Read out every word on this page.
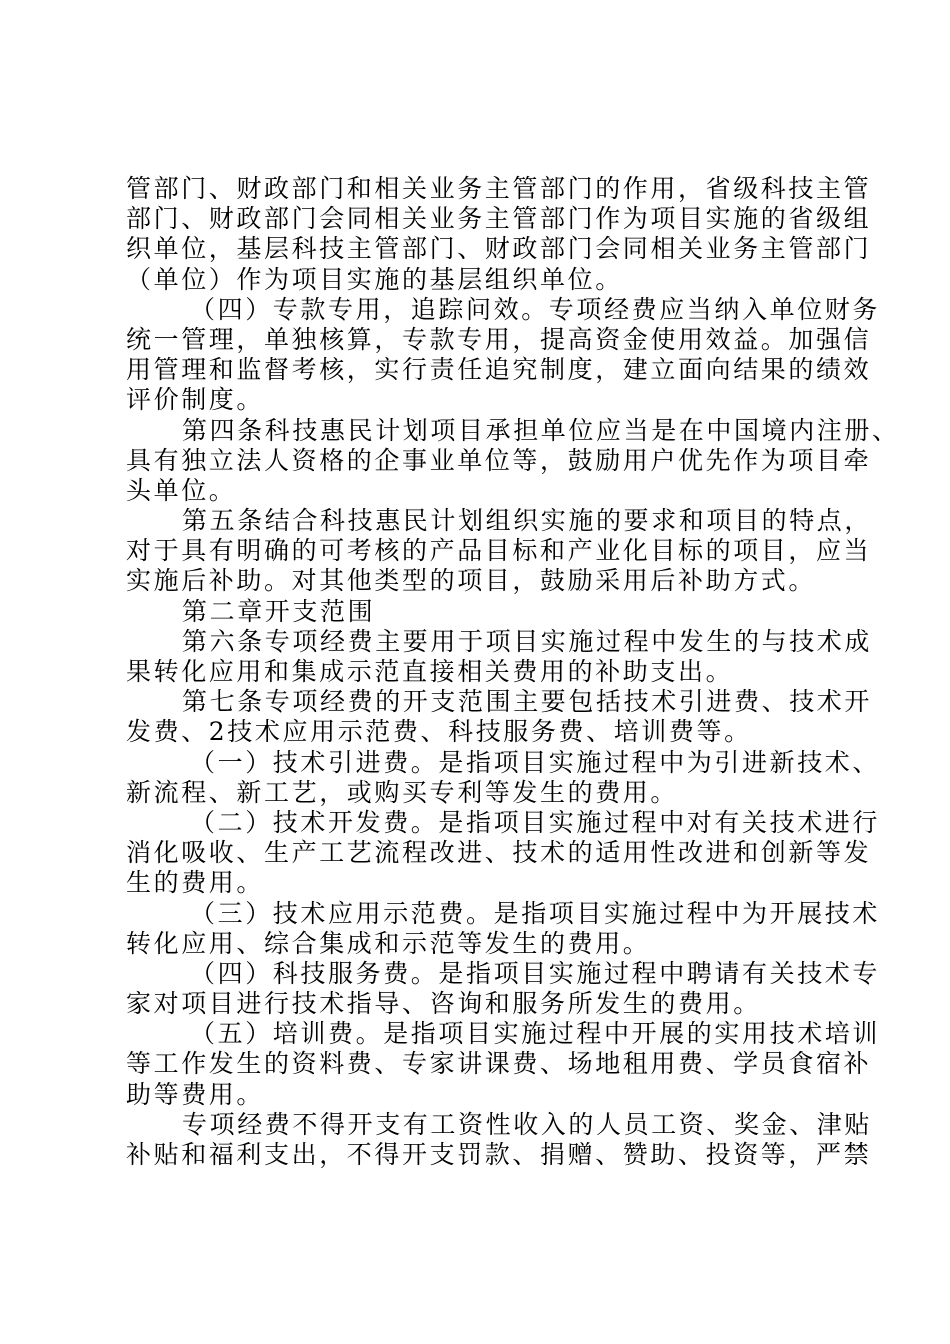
管部门、财政部门和相关业务主管部门的作用，省级科技主管
部门、财政部门会同相关业务主管部门作为项目实施的省级组
织单位，基层科技主管部门、财政部门会同相关业务主管部门
（单位）作为项目实施的基层组织单位。
（四）专款专用，追踪问效。专项经费应当纳入单位财务
统一管理，单独核算，专款专用，提高资金使用效益。加强信
用管理和监督考核，实行责任追究制度，建立面向结果的绩效
评价制度。
第四条科技惠民计划项目承担单位应当是在中国境内注册、
具有独立法人资格的企事业单位等，鼓励用户优先作为项目牵
头单位。
第五条结合科技惠民计划组织实施的要求和项目的特点，
对于具有明确的可考核的产品目标和产业化目标的项目，应当
实施后补助。对其他类型的项目，鼓励采用后补助方式。
第二章开支范围
第六条专项经费主要用于项目实施过程中发生的与技术成
果转化应用和集成示范直接相关费用的补助支出。
第七条专项经费的开支范围主要包括技术引进费、技术开
发费、2技术应用示范费、科技服务费、培训费等。
（一）技术引进费。是指项目实施过程中为引进新技术、
新流程、新工艺，或购买专利等发生的费用。
（二）技术开发费。是指项目实施过程中对有关技术进行
消化吸收、生产工艺流程改进、技术的适用性改进和创新等发
生的费用。
（三）技术应用示范费。是指项目实施过程中为开展技术
转化应用、综合集成和示范等发生的费用。
（四）科技服务费。是指项目实施过程中聘请有关技术专
家对项目进行技术指导、咨询和服务所发生的费用。
（五）培训费。是指项目实施过程中开展的实用技术培训
等工作发生的资料费、专家讲课费、场地租用费、学员食宿补
助等费用。
专项经费不得开支有工资性收入的人员工资、奖金、津贴
补贴和福利支出，不得开支罚款、捐赠、赞助、投资等，严禁
